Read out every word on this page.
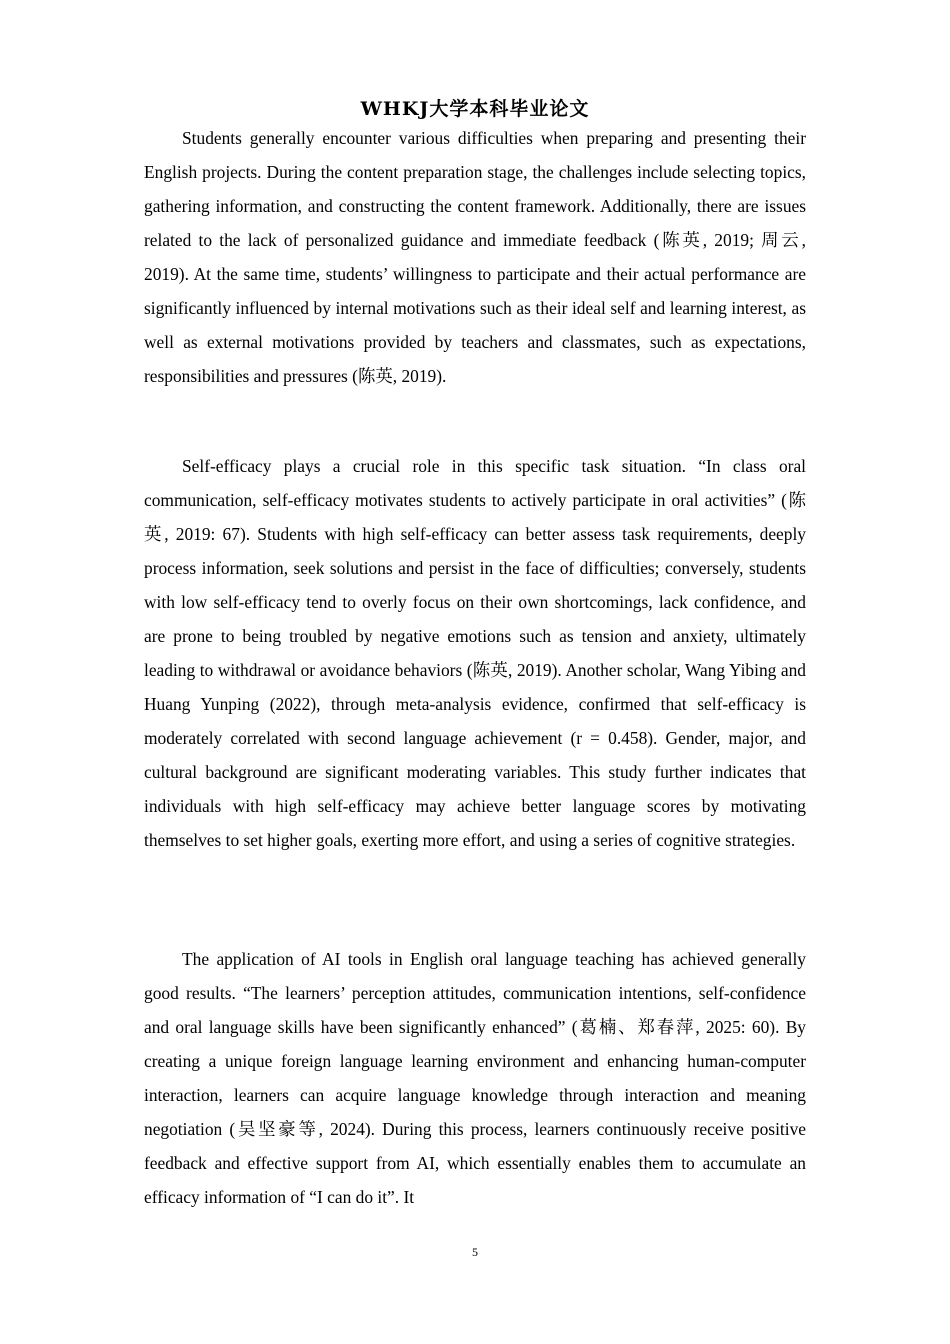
WHKJ大学本科毕业论文

Students generally encounter various difficulties when preparing and presenting their English projects. During the content preparation stage, the challenges include selecting topics, gathering information, and constructing the content framework. Additionally, there are issues related to the lack of personalized guidance and immediate feedback (陈英, 2019; 周云, 2019). At the same time, students’ willingness to participate and their actual performance are significantly influenced by internal motivations such as their ideal self and learning interest, as well as external motivations provided by teachers and classmates, such as expectations, responsibilities and pressures (陈英, 2019).

Self-efficacy plays a crucial role in this specific task situation. “In class oral communication, self-efficacy motivates students to actively participate in oral activities” (陈英, 2019: 67). Students with high self-efficacy can better assess task requirements, deeply process information, seek solutions and persist in the face of difficulties; conversely, students with low self-efficacy tend to overly focus on their own shortcomings, lack confidence, and are prone to being troubled by negative emotions such as tension and anxiety, ultimately leading to withdrawal or avoidance behaviors (陈英, 2019). Another scholar, Wang Yibing and Huang Yunping (2022), through meta-analysis evidence, confirmed that self-efficacy is moderately correlated with second language achievement (r = 0.458). Gender, major, and cultural background are significant moderating variables. This study further indicates that individuals with high self-efficacy may achieve better language scores by motivating themselves to set higher goals, exerting more effort, and using a series of cognitive strategies.

The application of AI tools in English oral language teaching has achieved generally good results. “The learners’ perception attitudes, communication intentions, self-confidence and oral language skills have been significantly enhanced” (葛楠、郑春萍, 2025: 60). By creating a unique foreign language learning environment and enhancing human-computer interaction, learners can acquire language knowledge through interaction and meaning negotiation (吴坚豪等, 2024). During this process, learners continuously receive positive feedback and effective support from AI, which essentially enables them to accumulate an efficacy information of “I can do it”. It

5
